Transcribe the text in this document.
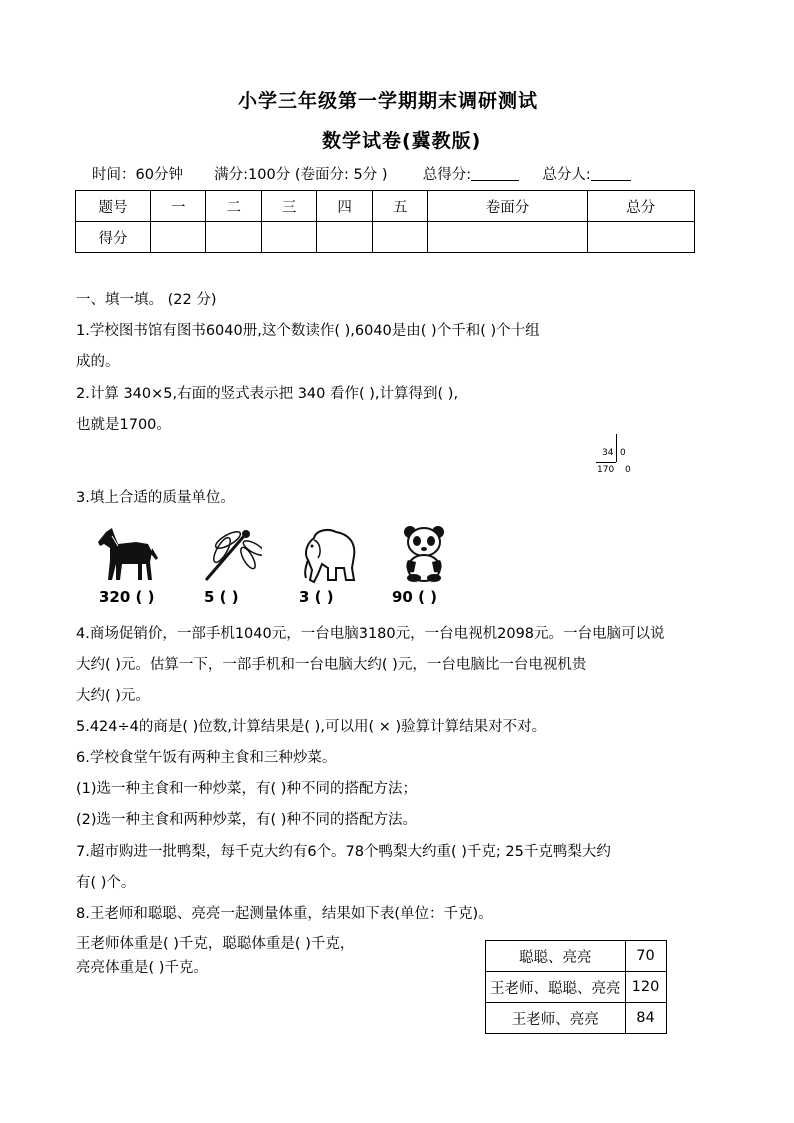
小学三年级第一学期期末调研测试
数学试卷(冀教版)
时间：60分钟 满分:100分 (卷面分: 5分 ) 总得分:	总分人:
题号	一	二	三	四	五	卷面分	总分
得分							
一、填一填。 (22 分)
1.学校图书馆有图书6040册,这个数读作( ),6040是由( )个千和( )个十组
成的。
2.计算 340×5,右面的竖式表示把 340 看作( ),计算得到( ),
也就是1700。
34 0
170 0
3.填上合适的质量单位。
320 ( )	5 ( )	3 ( )	90 ( )
4.商场促销价，一部手机1040元，一台电脑3180元，一台电视机2098元。一台电脑可以说
大约( )元。估算一下，一部手机和一台电脑大约( )元，一台电脑比一台电视机贵
大约( )元。
5.424÷4的商是( )位数,计算结果是( ),可以用( × )验算计算结果对不对。
6.学校食堂午饭有两种主食和三种炒菜。
(1)选一种主食和一种炒菜，有( )种不同的搭配方法；
(2)选一种主食和两种炒菜，有( )种不同的搭配方法。
7.超市购进一批鸭梨，每千克大约有6个。78个鸭梨大约重( )千克; 25千克鸭梨大约
有( )个。
8.王老师和聪聪、亮亮一起测量体重，结果如下表(单位：千克)。
王老师体重是( )千克，聪聪体重是( )千克，
亮亮体重是( )千克。
聪聪、亮亮	70
王老师、聪聪、亮亮	120
王老师、亮亮	84
